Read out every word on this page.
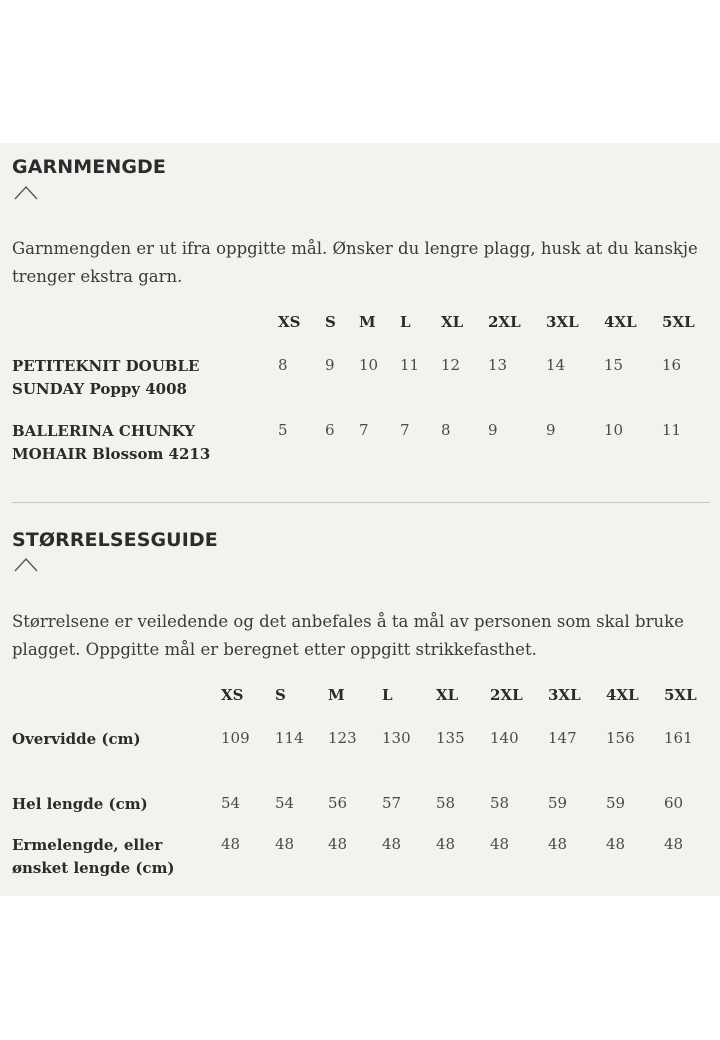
GARNMENGDE

Garnmengden er ut ifra oppgitte mål. Ønsker du lengre plagg, husk at du kanskje trenger ekstra garn.

	XS	S	M	L	XL	2XL	3XL	4XL	5XL
PETITEKNIT DOUBLE
SUNDAY Poppy 4008	8	9	10	11	12	13	14	15	16
BALLERINA CHUNKY
MOHAIR Blossom 4213	5	6	7	7	8	9	9	10	11
STØRRELSESGUIDE

Størrelsene er veiledende og det anbefales å ta mål av personen som skal bruke plagget. Oppgitte mål er beregnet etter oppgitt strikkefasthet.

	XS	S	M	L	XL	2XL	3XL	4XL	5XL
Overvidde (cm)	109	114	123	130	135	140	147	156	161
Hel lengde (cm)	54	54	56	57	58	58	59	59	60
Ermelengde, eller
ønsket lengde (cm)	48	48	48	48	48	48	48	48	48
